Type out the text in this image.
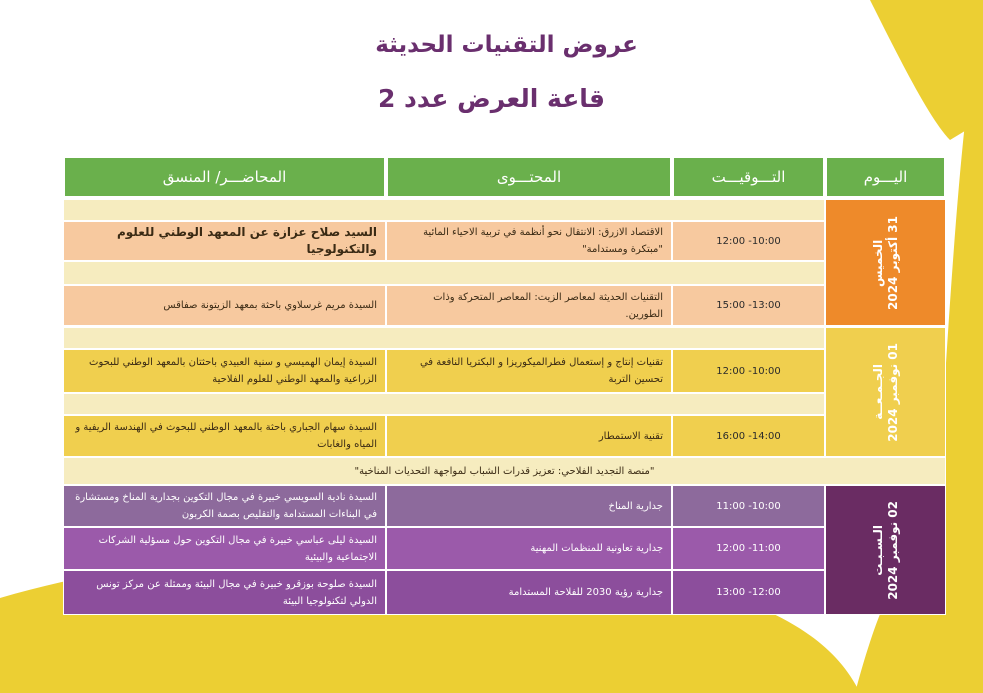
عروض التقنيات الحديثة
قاعة العرض عدد 2
اليـــوم
التـــوقيـــت
المحتـــوى
المحاضـــر/ المنسق
10:00- 12:00
الاقتصاد الازرق: الانتقال نحو أنظمة في تربية الاحياء المائية "مبتكرة ومستدامة"
السيد صلاح عزازة عن المعهد الوطني للعلوم والتكنولوجيا
13:00- 15:00
التقنيات الحديثة لمعاصر الزيت: المعاصر المتحركة وذات الطورين.
السيدة مريم غرسلاوي باحثة بمعهد الزيتونة صفاقس
الخميس
31 أكتوبر 2024
10:00- 12:00
تقنيات إنتاج و إستعمال فطرالميكوريزا و البكتريا النافعة في تحسين التربة
السيدة إيمان الهميسي و سنية العبيدي باحثتان بالمعهد الوطني للبحوث الزراعية والمعهد الوطني للعلوم الفلاحية
14:00- 16:00
تقنية الاستمطار
السيدة سهام الجباري باحثة بالمعهد الوطني للبحوث في الهندسة الريفية و المياه والغابات
الجـمـعــة
01 نوفمبر 2024
"منصة التجديد الفلاحي: تعزيز قدرات الشباب لمواجهة التحديات المناخية"
10:00- 11:00
جدارية المناخ
السيدة نادية السويسي خبيرة في مجال التكوين بجدارية المناخ ومستشارة في البناءات المستدامة والتقليص بصمة الكربون
11:00- 12:00
جدارية تعاونية للمنظمات المهنية
السيدة ليلى عباسي خبيرة في مجال التكوين حول مسؤلية الشركات الاجتماعية والبيئية
12:00- 13:00
جدارية رؤية 2030 للفلاحة المستدامة
السيدة صلوحة بوزقرو خبيرة في مجال البيئة وممثلة عن مركز تونس الدولي لتكنولوجيا البيئة
الـسـبـت
02 نوفمبر 2024
